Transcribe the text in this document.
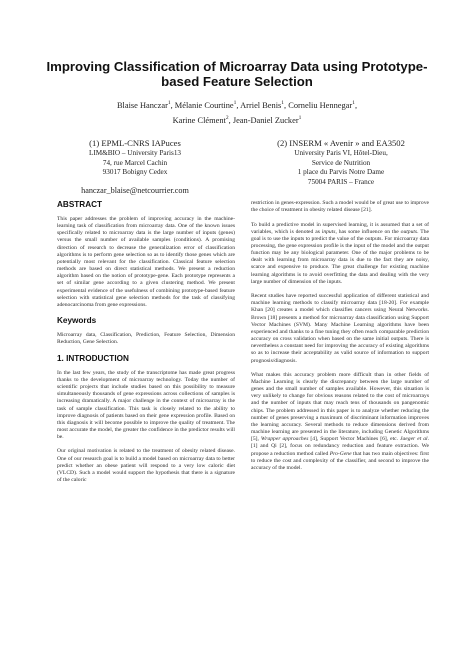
Improving Classification of Microarray Data using Prototype-based Feature Selection
Blaise Hanczar$^1$, Mélanie Courtine$^1$, Arriel Benis$^1$, Corneliu Hennegar$^1$,
Karine Clément$^2$, Jean-Daniel Zucker$^1$
(1) EPML-CNRS IAPuces
LIM&BIO – University Paris13
74, rue Marcel Cachin
93017 Bobigny Cedex
hanczar_blaise@netcourrier.com
(2) INSERM « Avenir » and EA3502
University Paris VI, Hôtel-Dieu,
Service de Nutrition
1 place du Parvis Notre Dame
75004 PARIS – France
ABSTRACT

This paper addresses the problem of improving accuracy in the machine-learning task of classification from microarray data. One of the known issues specifically related to microarray data is the large number of inputs (genes) versus the small number of available samples (conditions). A promising direction of research to decrease the generalization error of classification algorithms is to perform gene selection so as to identify those genes which are potentially most relevant for the classification. Classical feature selection methods are based on direct statistical methods. We present a reduction algorithm based on the notion of prototype-gene. Each prototype represents a set of similar gene according to a given clustering method. We present experimental evidence of the usefulness of combining prototype-based feature selection with statistical gene selection methods for the task of classifying adenocarcinoma from gene expressions.

Keywords

Microarray data, Classification, Prediction, Feature Selection, Dimension Reduction, Gene Selection.

1. INTRODUCTION

In the last few years, the study of the transcriptome has made great progress thanks to the development of microarray technology. Today the number of scientific projects that include studies based on this possibility to measure simultaneously thousands of gene expressions across collections of samples is increasing dramatically. A major challenge in the context of microarray is the task of sample classification. This task is closely related to the ability to improve diagnosis of patients based on their gene expression profile. Based on this diagnosis it will become possible to improve the quality of treatment. The most accurate the model, the greater the confidence in the predictor results will be.

Our original motivation is related to the treatment of obesity related disease. One of our research goal is to build a model based on microarray data to better predict whether an obese patient will respond to a very low caloric diet (VLCD). Such a model would support the hypothesis that there is a signature of the caloric

restriction in genes-expression. Such a model would be of great use to improve the choice of treatment in obesity related disease [21].

To build a predictive model in supervised learning, it is assumed that a set of variables, which is denoted as inputs, has some influence on the outputs. The goal is to use the inputs to predict the value of the outputs. For microarray data processing, the gene expression profile is the input of the model and the output function may be any biological parameter. One of the major problems to be dealt with learning from microarray data is due to the fact they are noisy, scarce and expensive to produce. The great challenge for existing machine learning algorithms is to avoid overfitting the data and dealing with the very large number of dimension of the inputs.

Recent studies have reported successful application of different statistical and machine learning methods to classify microarray data [18-20]. For example Khan [20] creates a model which classifies cancers using Neural Networks. Brown [18] presents a method for microarray data classification using Support Vector Machines (SVM). Many Machine Learning algorithms have been experienced and thanks to a fine tuning they often reach comparable prediction accuracy on cross validation when based on the same initial outputs. There is nevertheless a constant need for improving the accuracy of existing algorithms so as to increase their acceptability as valid source of information to support prognosis/diagnosis.

What makes this accuracy problem more difficult than in other fields of Machine Learning is clearly the discrepancy between the large number of genes and the small number of samples available. However, this situation is very unlikely to change for obvious reasons related to the cost of microarrays and the number of inputs that may reach tens of thousands on pangenomic chips. The problem addressed in this paper is to analyze whether reducing the number of genes preserving a maximum of discriminant information improves the learning accuracy. Several methods to reduce dimensions derived from machine learning are presented in the literature, including Genetic Algorithms [5], Wrapper approaches [4], Support Vector Machines [6], etc. Jaeger et al. [1] and Qi [2], focus on redundancy reduction and feature extraction. We propose a reduction method called Pro-Gene that has two main objectives: first to reduce the cost and complexity of the classifier, and second to improve the accuracy of the model.
